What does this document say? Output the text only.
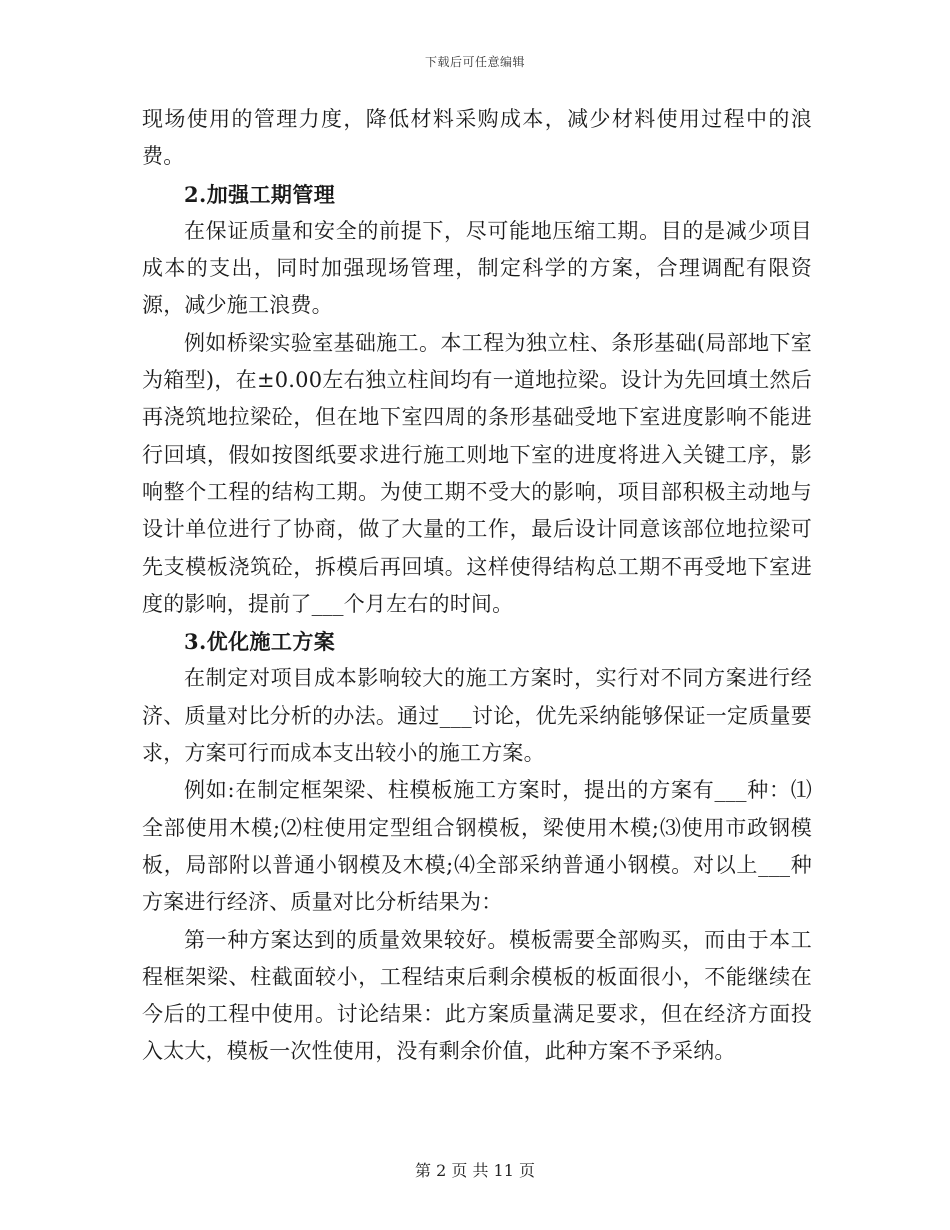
下载后可任意编辑

现场使用的管理力度，降低材料采购成本，减少材料使用过程中的浪费。

2.加强工期管理

在保证质量和安全的前提下，尽可能地压缩工期。目的是减少项目成本的支出，同时加强现场管理，制定科学的方案，合理调配有限资源，减少施工浪费。

例如桥梁实验室基础施工。本工程为独立柱、条形基础(局部地下室为箱型)，在±0.00左右独立柱间均有一道地拉梁。设计为先回填土然后再浇筑地拉梁砼，但在地下室四周的条形基础受地下室进度影响不能进行回填，假如按图纸要求进行施工则地下室的进度将进入关键工序，影响整个工程的结构工期。为使工期不受大的影响，项目部积极主动地与设计单位进行了协商，做了大量的工作，最后设计同意该部位地拉梁可先支模板浇筑砼，拆模后再回填。这样使得结构总工期不再受地下室进度的影响，提前了___个月左右的时间。

3.优化施工方案

在制定对项目成本影响较大的施工方案时，实行对不同方案进行经济、质量对比分析的办法。通过___讨论，优先采纳能够保证一定质量要求，方案可行而成本支出较小的施工方案。

例如:在制定框架梁、柱模板施工方案时，提出的方案有___种：⑴全部使用木模;⑵柱使用定型组合钢模板，梁使用木模;⑶使用市政钢模板，局部附以普通小钢模及木模;⑷全部采纳普通小钢模。对以上___种方案进行经济、质量对比分析结果为：

第一种方案达到的质量效果较好。模板需要全部购买，而由于本工程框架梁、柱截面较小，工程结束后剩余模板的板面很小，不能继续在今后的工程中使用。讨论结果：此方案质量满足要求，但在经济方面投入太大，模板一次性使用，没有剩余价值，此种方案不予采纳。

第 2 页 共 11 页
